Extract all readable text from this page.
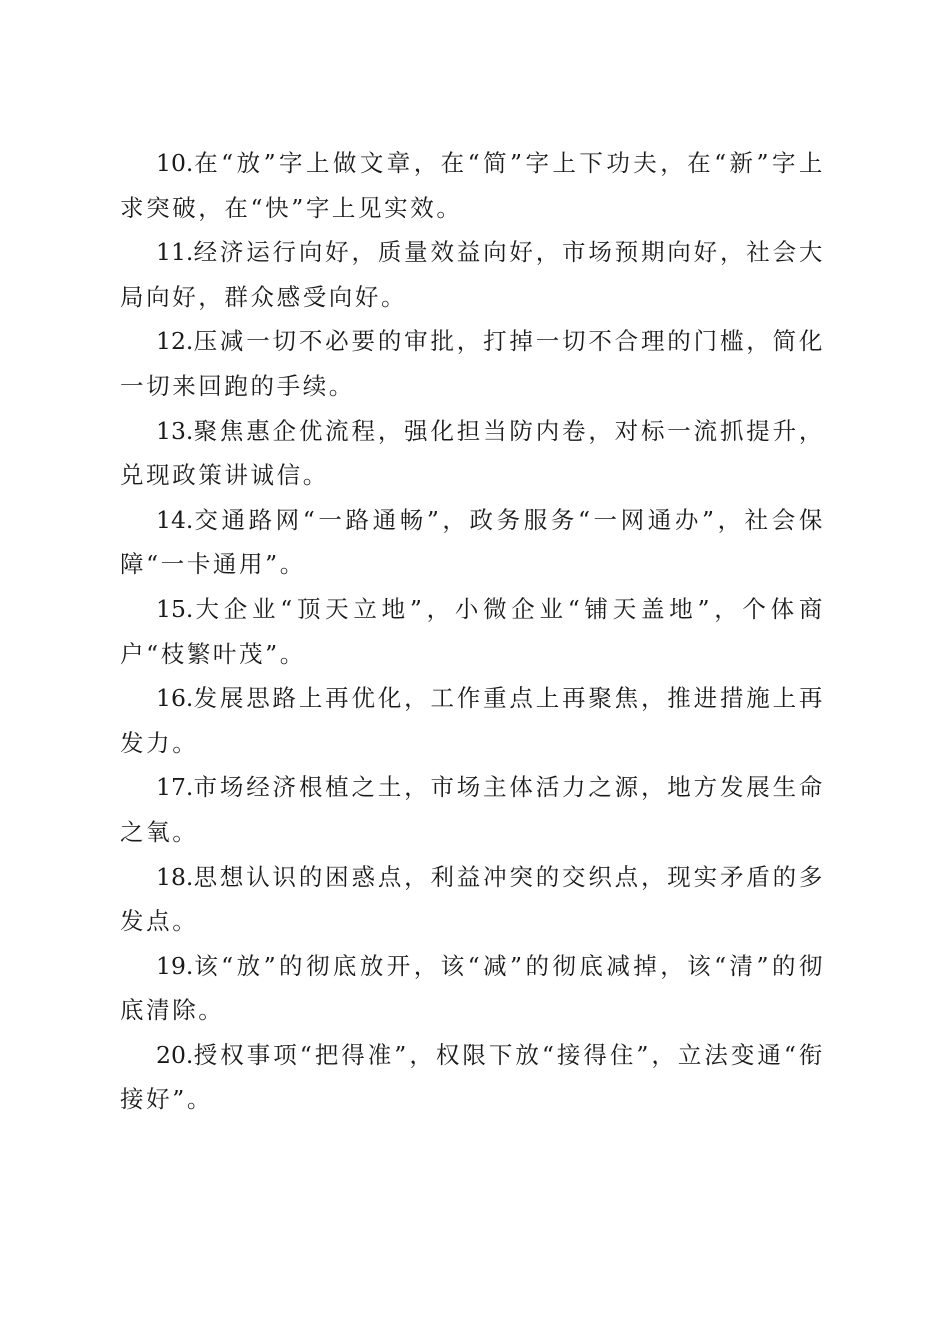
10.在“放”字上做文章，在“简”字上下功夫，在“新”字上求突破，在“快”字上见实效。

11.经济运行向好，质量效益向好，市场预期向好，社会大局向好，群众感受向好。

12.压减一切不必要的审批，打掉一切不合理的门槛，简化一切来回跑的手续。

13.聚焦惠企优流程，强化担当防内卷，对标一流抓提升，兑现政策讲诚信。

14.交通路网“一路通畅”，政务服务“一网通办”，社会保障“一卡通用”。

15.大企业“顶天立地”，小微企业“铺天盖地”，个体商户“枝繁叶茂”。

16.发展思路上再优化，工作重点上再聚焦，推进措施上再发力。

17.市场经济根植之土，市场主体活力之源，地方发展生命之氧。

18.思想认识的困惑点，利益冲突的交织点，现实矛盾的多发点。

19.该“放”的彻底放开，该“减”的彻底减掉，该“清”的彻底清除。

20.授权事项“把得准”，权限下放“接得住”，立法变通“衔接好”。
